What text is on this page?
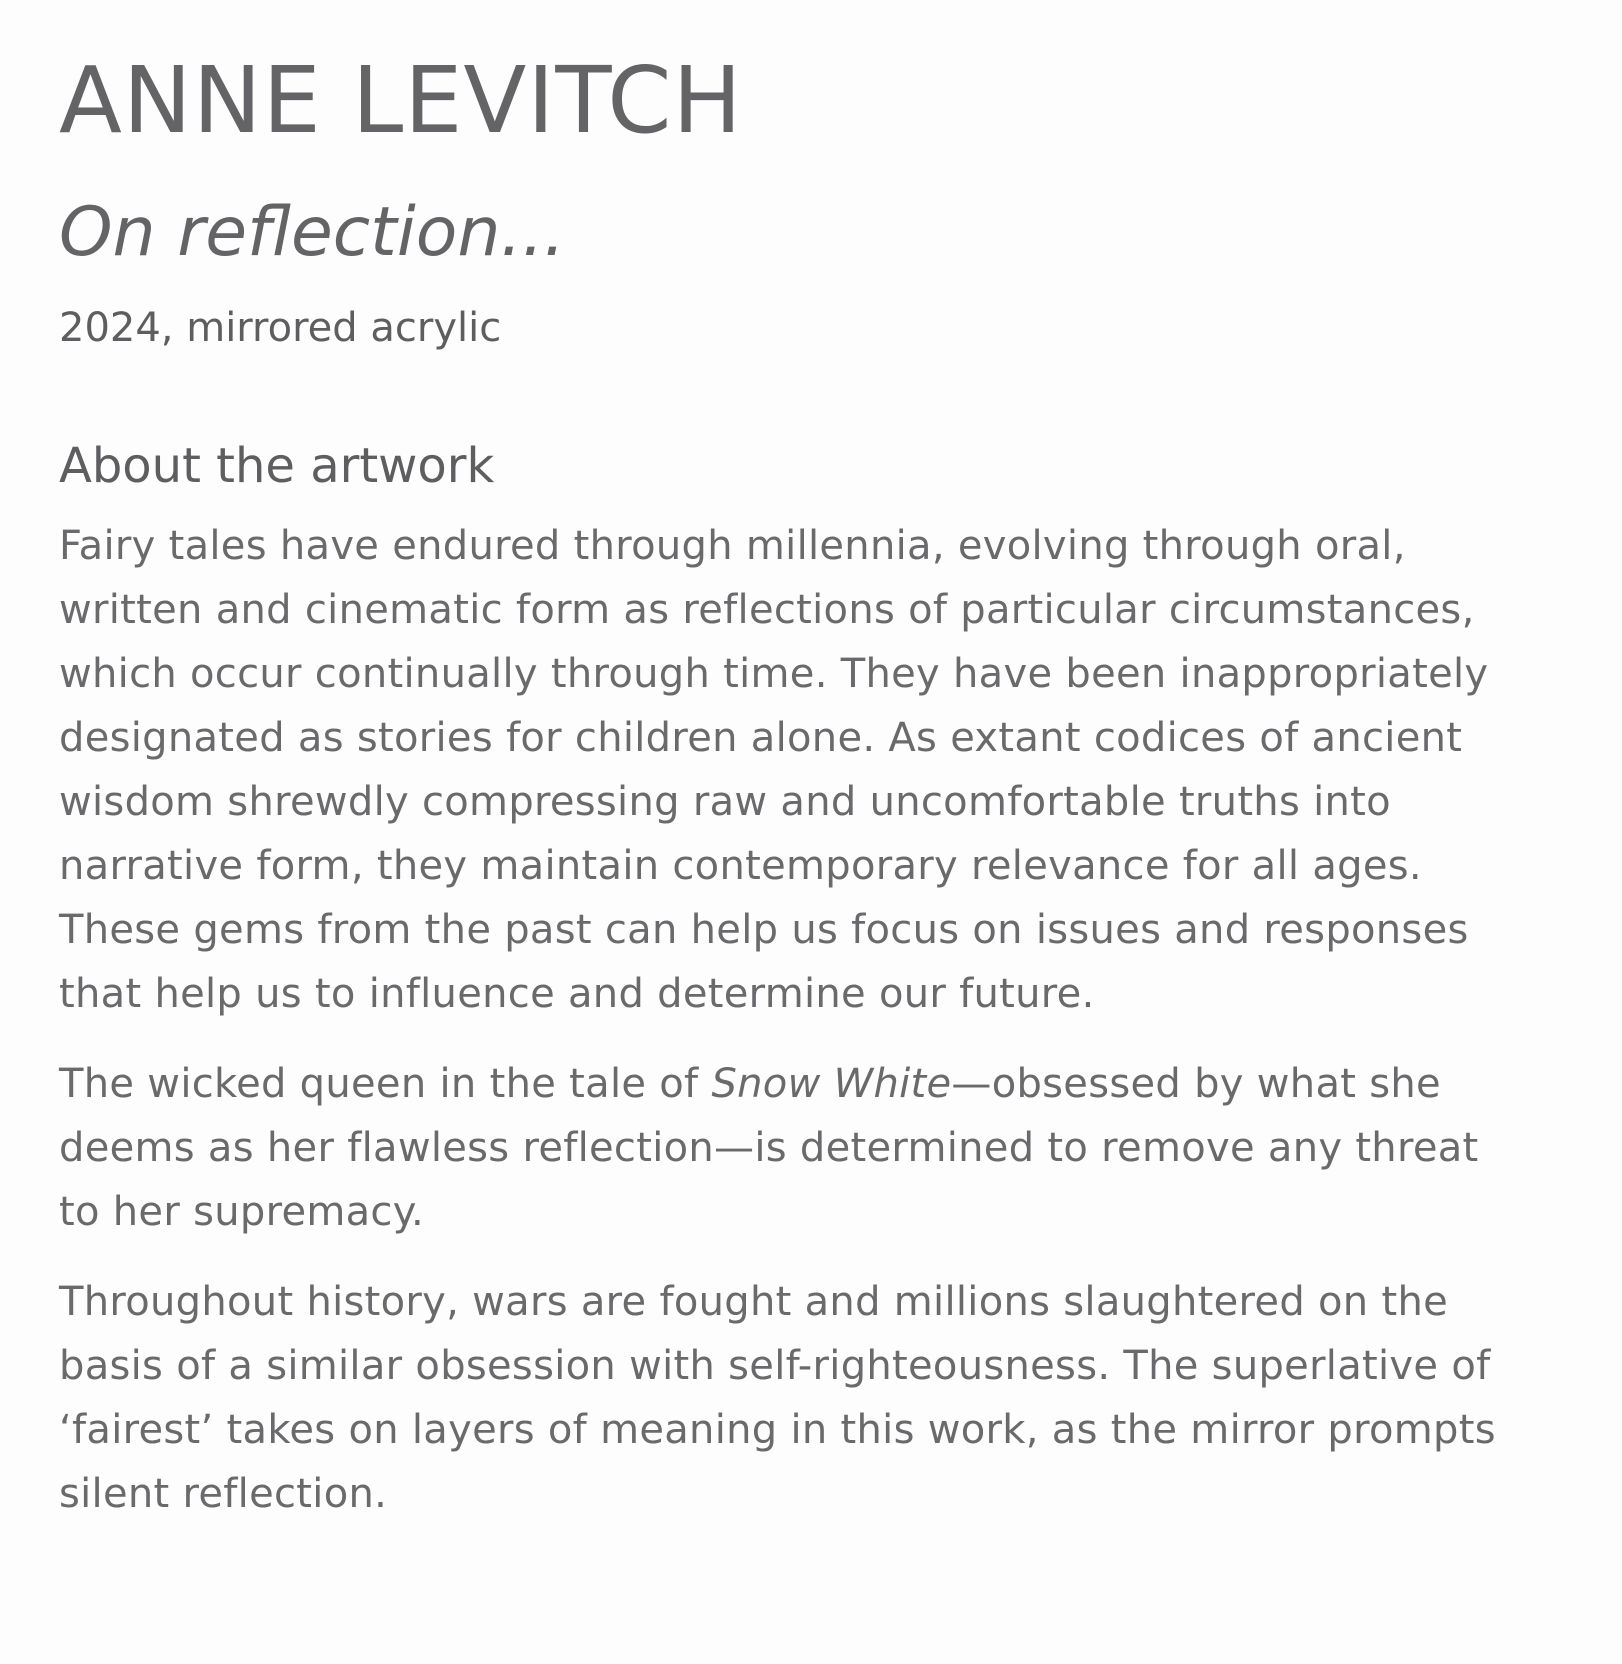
ANNE LEVITCH
On reflection...
2024, mirrored acrylic
About the artwork

Fairy tales have endured through millennia, evolving through oral,
written and cinematic form as reflections of particular circumstances,
which occur continually through time. They have been inappropriately
designated as stories for children alone. As extant codices of ancient
wisdom shrewdly compressing raw and uncomfortable truths into
narrative form, they maintain contemporary relevance for all ages.
These gems from the past can help us focus on issues and responses
that help us to influence and determine our future.

The wicked queen in the tale of Snow White—obsessed by what she
deems as her flawless reflection—is determined to remove any threat
to her supremacy.

Throughout history, wars are fought and millions slaughtered on the
basis of a similar obsession with self-righteousness. The superlative of
‘fairest’ takes on layers of meaning in this work, as the mirror prompts
silent reflection.
